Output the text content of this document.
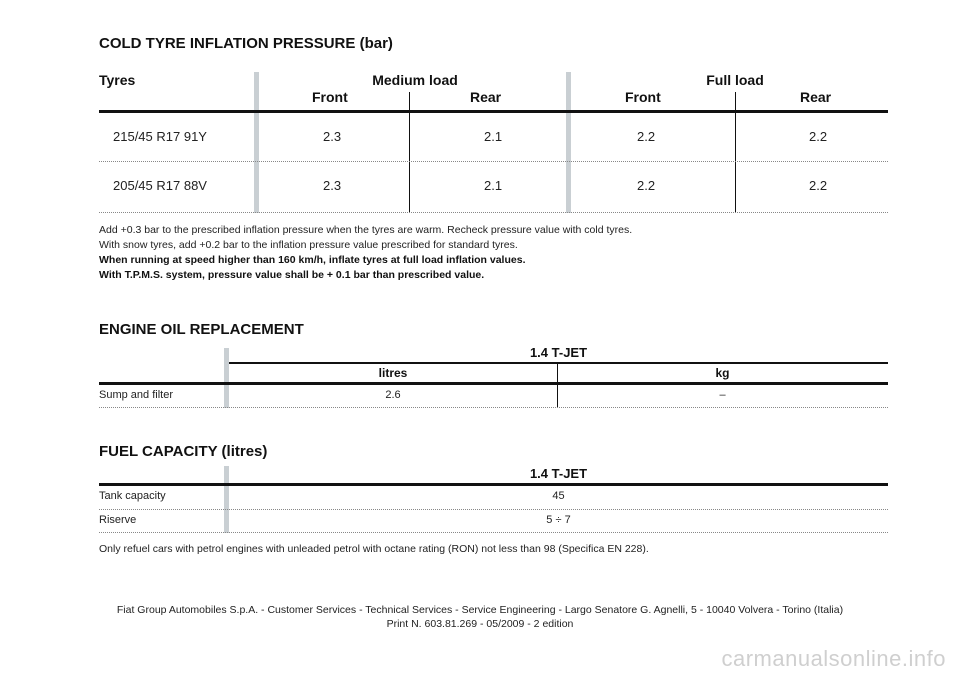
COLD TYRE INFLATION PRESSURE (bar)
Tyres	Medium load	Full load
Front	Rear	Front	Rear
215/45 R17 91Y	2.3	2.1	2.2	2.2
205/45 R17 88V	2.3	2.1	2.2	2.2
Add +0.3 bar to the prescribed inflation pressure when the tyres are warm. Recheck pressure value with cold tyres.
With snow tyres, add +0.2 bar to the inflation pressure value prescribed for standard tyres.
When running at speed higher than 160 km/h, inflate tyres at full load inflation values.
With T.P.M.S. system, pressure value shall be + 0.1 bar than prescribed value.
ENGINE OIL REPLACEMENT
1.4 T-JET
litres	kg
Sump and filter	2.6	–
FUEL CAPACITY (litres)
1.4 T-JET
Tank capacity	45
Riserve	5 ÷ 7
Only refuel cars with petrol engines with unleaded petrol with octane rating (RON) not less than 98 (Specifica EN 228).
Fiat Group Automobiles S.p.A. - Customer Services - Technical Services - Service Engineering - Largo Senatore G. Agnelli, 5 - 10040 Volvera - Torino (Italia)
Print N. 603.81.269 - 05/2009 - 2 edition
carmanualsonline.info
